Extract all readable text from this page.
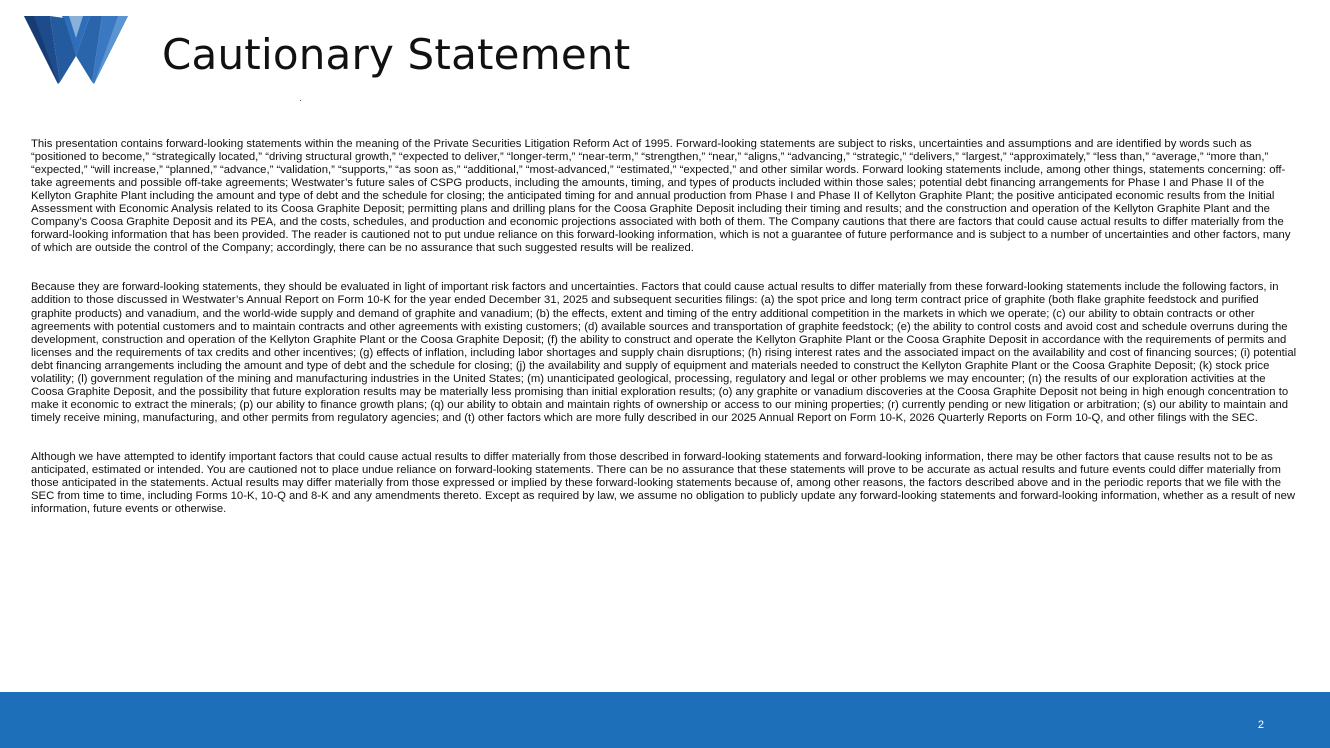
Cautionary Statement

This presentation contains forward-looking statements within the meaning of the Private Securities Litigation Reform Act of 1995. Forward-looking statements are subject to risks, uncertainties and assumptions and are identified by words such as “positioned to become,” “strategically located,” “driving structural growth,” “expected to deliver,” “longer-term,” “near-term,” “strengthen,” “near,” “aligns,” “advancing,” “strategic,” “delivers,” “largest,” “approximately,” “less than,” “average,” “more than,” “expected,” “will increase,” “planned,” “advance,” “validation,” “supports,” “as soon as,” “additional,” “most-advanced,” “estimated,” “expected,” and other similar words. Forward looking statements include, among other things, statements concerning: off-take agreements and possible off-take agreements; Westwater’s future sales of CSPG products, including the amounts, timing, and types of products included within those sales; potential debt financing arrangements for Phase I and Phase II of the Kellyton Graphite Plant including the amount and type of debt and the schedule for closing; the anticipated timing for and annual production from Phase I and Phase II of Kellyton Graphite Plant; the positive anticipated economic results from the Initial Assessment with Economic Analysis related to its Coosa Graphite Deposit; permitting plans and drilling plans for the Coosa Graphite Deposit including their timing and results; and the construction and operation of the Kellyton Graphite Plant and the Company’s Coosa Graphite Deposit and its PEA, and the costs, schedules, and production and economic projections associated with both of them. The Company cautions that there are factors that could cause actual results to differ materially from the forward-looking information that has been provided. The reader is cautioned not to put undue reliance on this forward-looking information, which is not a guarantee of future performance and is subject to a number of uncertainties and other factors, many of which are outside the control of the Company; accordingly, there can be no assurance that such suggested results will be realized.

Because they are forward-looking statements, they should be evaluated in light of important risk factors and uncertainties. Factors that could cause actual results to differ materially from these forward-looking statements include the following factors, in addition to those discussed in Westwater’s Annual Report on Form 10-K for the year ended December 31, 2025 and subsequent securities filings: (a) the spot price and long term contract price of graphite (both flake graphite feedstock and purified graphite products) and vanadium, and the world-wide supply and demand of graphite and vanadium; (b) the effects, extent and timing of the entry additional competition in the markets in which we operate; (c) our ability to obtain contracts or other agreements with potential customers and to maintain contracts and other agreements with existing customers; (d) available sources and transportation of graphite feedstock; (e) the ability to control costs and avoid cost and schedule overruns during the development, construction and operation of the Kellyton Graphite Plant or the Coosa Graphite Deposit; (f) the ability to construct and operate the Kellyton Graphite Plant or the Coosa Graphite Deposit in accordance with the requirements of permits and licenses and the requirements of tax credits and other incentives; (g) effects of inflation, including labor shortages and supply chain disruptions; (h) rising interest rates and the associated impact on the availability and cost of financing sources; (i) potential debt financing arrangements including the amount and type of debt and the schedule for closing; (j) the availability and supply of equipment and materials needed to construct the Kellyton Graphite Plant or the Coosa Graphite Deposit; (k) stock price volatility; (l) government regulation of the mining and manufacturing industries in the United States; (m) unanticipated geological, processing, regulatory and legal or other problems we may encounter; (n) the results of our exploration activities at the Coosa Graphite Deposit, and the possibility that future exploration results may be materially less promising than initial exploration results; (o) any graphite or vanadium discoveries at the Coosa Graphite Deposit not being in high enough concentration to make it economic to extract the minerals; (p) our ability to finance growth plans; (q) our ability to obtain and maintain rights of ownership or access to our mining properties; (r) currently pending or new litigation or arbitration; (s) our ability to maintain and timely receive mining, manufacturing, and other permits from regulatory agencies; and (t) other factors which are more fully described in our 2025 Annual Report on Form 10-K, 2026 Quarterly Reports on Form 10-Q, and other filings with the SEC.

Although we have attempted to identify important factors that could cause actual results to differ materially from those described in forward-looking statements and forward-looking information, there may be other factors that cause results not to be as anticipated, estimated or intended. You are cautioned not to place undue reliance on forward-looking statements. There can be no assurance that these statements will prove to be accurate as actual results and future events could differ materially from those anticipated in the statements. Actual results may differ materially from those expressed or implied by these forward-looking statements because of, among other reasons, the factors described above and in the periodic reports that we file with the SEC from time to time, including Forms 10-K, 10-Q and 8-K and any amendments thereto. Except as required by law, we assume no obligation to publicly update any forward-looking statements and forward-looking information, whether as a result of new information, future events or otherwise.

2
